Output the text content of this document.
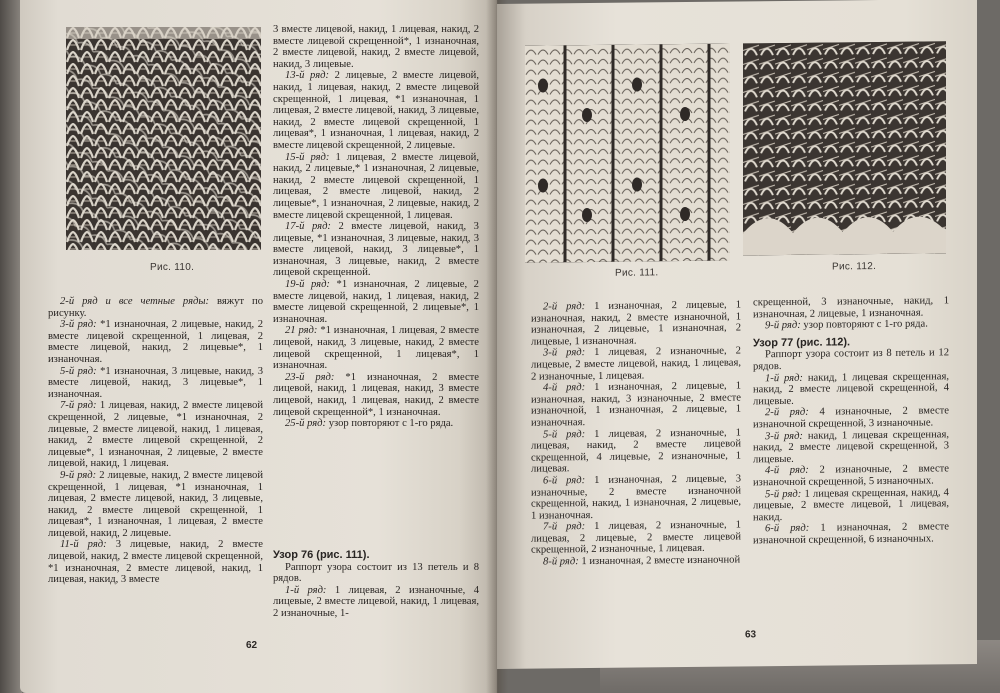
Рис. 110.

2-й ряд и все четные ряды: вяжут по рисунку.

3-й ряд: *1 изнаночная, 2 лицевые, накид, 2 вместе лицевой скрещенной, 1 лицевая, 2 вместе лицевой, накид, 2 лицевые*, 1 изнаночная.

5-й ряд: *1 изнаночная, 3 лицевые, накид, 3 вместе лицевой, накид, 3 лицевые*, 1 изнаночная.

7-й ряд: 1 лицевая, накид, 2 вместе лицевой скрещенной, 2 лицевые, *1 изнаночная, 2 лицевые, 2 вместе лицевой, накид, 1 лицевая, накид, 2 вместе лицевой скрещенной, 2 лицевые*, 1 изнаночная, 2 лицевые, 2 вместе лицевой, накид, 1 лицевая.

9-й ряд: 2 лицевые, накид, 2 вместе лицевой скрещенной, 1 лицевая, *1 изнаночная, 1 лицевая, 2 вместе лицевой, накид, 3 лицевые, накид, 2 вместе лицевой скрещенной, 1 лицевая*, 1 изнаночная, 1 лицевая, 2 вместе лицевой, накид, 2 лицевые.

11-й ряд: 3 лицевые, накид, 2 вместе лицевой, накид, 2 вместе лицевой скрещенной, *1 изнаночная, 2 вместе лицевой, накид, 1 лицевая, накид, 3 вместе

3 вместе лицевой, накид, 1 лицевая, накид, 2 вместе лицевой скрещенной*, 1 изнаночная, 2 вместе лицевой, накид, 2 вместе лицевой, накид, 3 лицевые.

13-й ряд: 2 лицевые, 2 вместе лицевой, накид, 1 лицевая, накид, 2 вместе лицевой скрещенной, 1 лицевая, *1 изнаночная, 1 лицевая, 2 вместе лицевой, накид, 3 лицевые, накид, 2 вместе лицевой скрещенной, 1 лицевая*, 1 изнаночная, 1 лицевая, накид, 2 вместе лицевой скрещенной, 2 лицевые.

15-й ряд: 1 лицевая, 2 вместе лицевой, накид, 2 лицевые,* 1 изнаночная, 2 лицевые, накид, 2 вместе лицевой скрещенной, 1 лицевая, 2 вместе лицевой, накид, 2 лицевые*, 1 изнаночная, 2 лицевые, накид, 2 вместе лицевой скрещенной, 1 лицевая.

17-й ряд: 2 вместе лицевой, накид, 3 лицевые, *1 изнаночная, 3 лицевые, накид, 3 вместе лицевой, накид, 3 лицевые*, 1 изнаночная, 3 лицевые, накид, 2 вместе лицевой скрещенной.

19-й ряд: *1 изнаночная, 2 лицевые, 2 вместе лицевой, накид, 1 лицевая, накид, 2 вместе лицевой скрещенной, 2 лицевые*, 1 изнаночная.

21 ряд: *1 изнаночная, 1 лицевая, 2 вместе лицевой, накид, 3 лицевые, накид, 2 вместе лицевой скрещенной, 1 лицевая*, 1 изнаночная.

23-й ряд: *1 изнаночная, 2 вместе лицевой, накид, 1 лицевая, накид, 3 вместе лицевой, накид, 1 лицевая, накид, 2 вместе лицевой скрещенной*, 1 изнаночная.

25-й ряд: узор повторяют с 1-го ряда.

Узор 76 (рис. 111).

Раппорт узора состоит из 13 петель и 8 рядов.

1-й ряд: 1 лицевая, 2 изнаночные, 4 лицевые, 2 вместе лицевой, накид, 1 лицевая, 2 изнаночные, 1-

62
Рис. 111.
Рис. 112.

2-й ряд: 1 изнаночная, 2 лицевые, 1 изнаночная, накид, 2 вместе изнаночной, 1 изнаночная, 2 лицевые, 1 изнаночная, 2 лицевые, 1 изнаночная.

3-й ряд: 1 лицевая, 2 изнаночные, 2 лицевые, 2 вместе лицевой, накид, 1 лицевая, 2 изнаночные, 1 лицевая.

4-й ряд: 1 изнаночная, 2 лицевые, 1 изнаночная, накид, 3 изнаночные, 2 вместе изнаночной, 1 изнаночная, 2 лицевые, 1 изнаночная.

5-й ряд: 1 лицевая, 2 изнаночные, 1 лицевая, накид, 2 вместе лицевой скрещенной, 4 лицевые, 2 изнаночные, 1 лицевая.

6-й ряд: 1 изнаночная, 2 лицевые, 3 изнаночные, 2 вместе изнаночной скрещенной, накид, 1 изнаночная, 2 лицевые, 1 изнаночная.

7-й ряд: 1 лицевая, 2 изнаночные, 1 лицевая, 2 лицевые, 2 вместе лицевой скрещенной, 2 изнаночные, 1 лицевая.

8-й ряд: 1 изнаночная, 2 вместе изнаночной

скрещенной, 3 изнаночные, накид, 1 изнаночная, 2 лицевые, 1 изнаночная.

9-й ряд: узор повторяют с 1-го ряда.

Узор 77 (рис. 112).

Раппорт узора состоит из 8 петель и 12 рядов.

1-й ряд: накид, 1 лицевая скрещенная, накид, 2 вместе лицевой скрещенной, 4 лицевые.

2-й ряд: 4 изнаночные, 2 вместе изнаночной скрещенной, 3 изнаночные.

3-й ряд: накид, 1 лицевая скрещенная, накид, 2 вместе лицевой скрещенной, 3 лицевые.

4-й ряд: 2 изнаночные, 2 вместе изнаночной скрещенной, 5 изнаночных.

5-й ряд: 1 лицевая скрещенная, накид, 4 лицевые, 2 вместе лицевой, 1 лицевая, накид.

6-й ряд: 1 изнаночная, 2 вместе изнаночной скрещенной, 6 изнаночных.

63
